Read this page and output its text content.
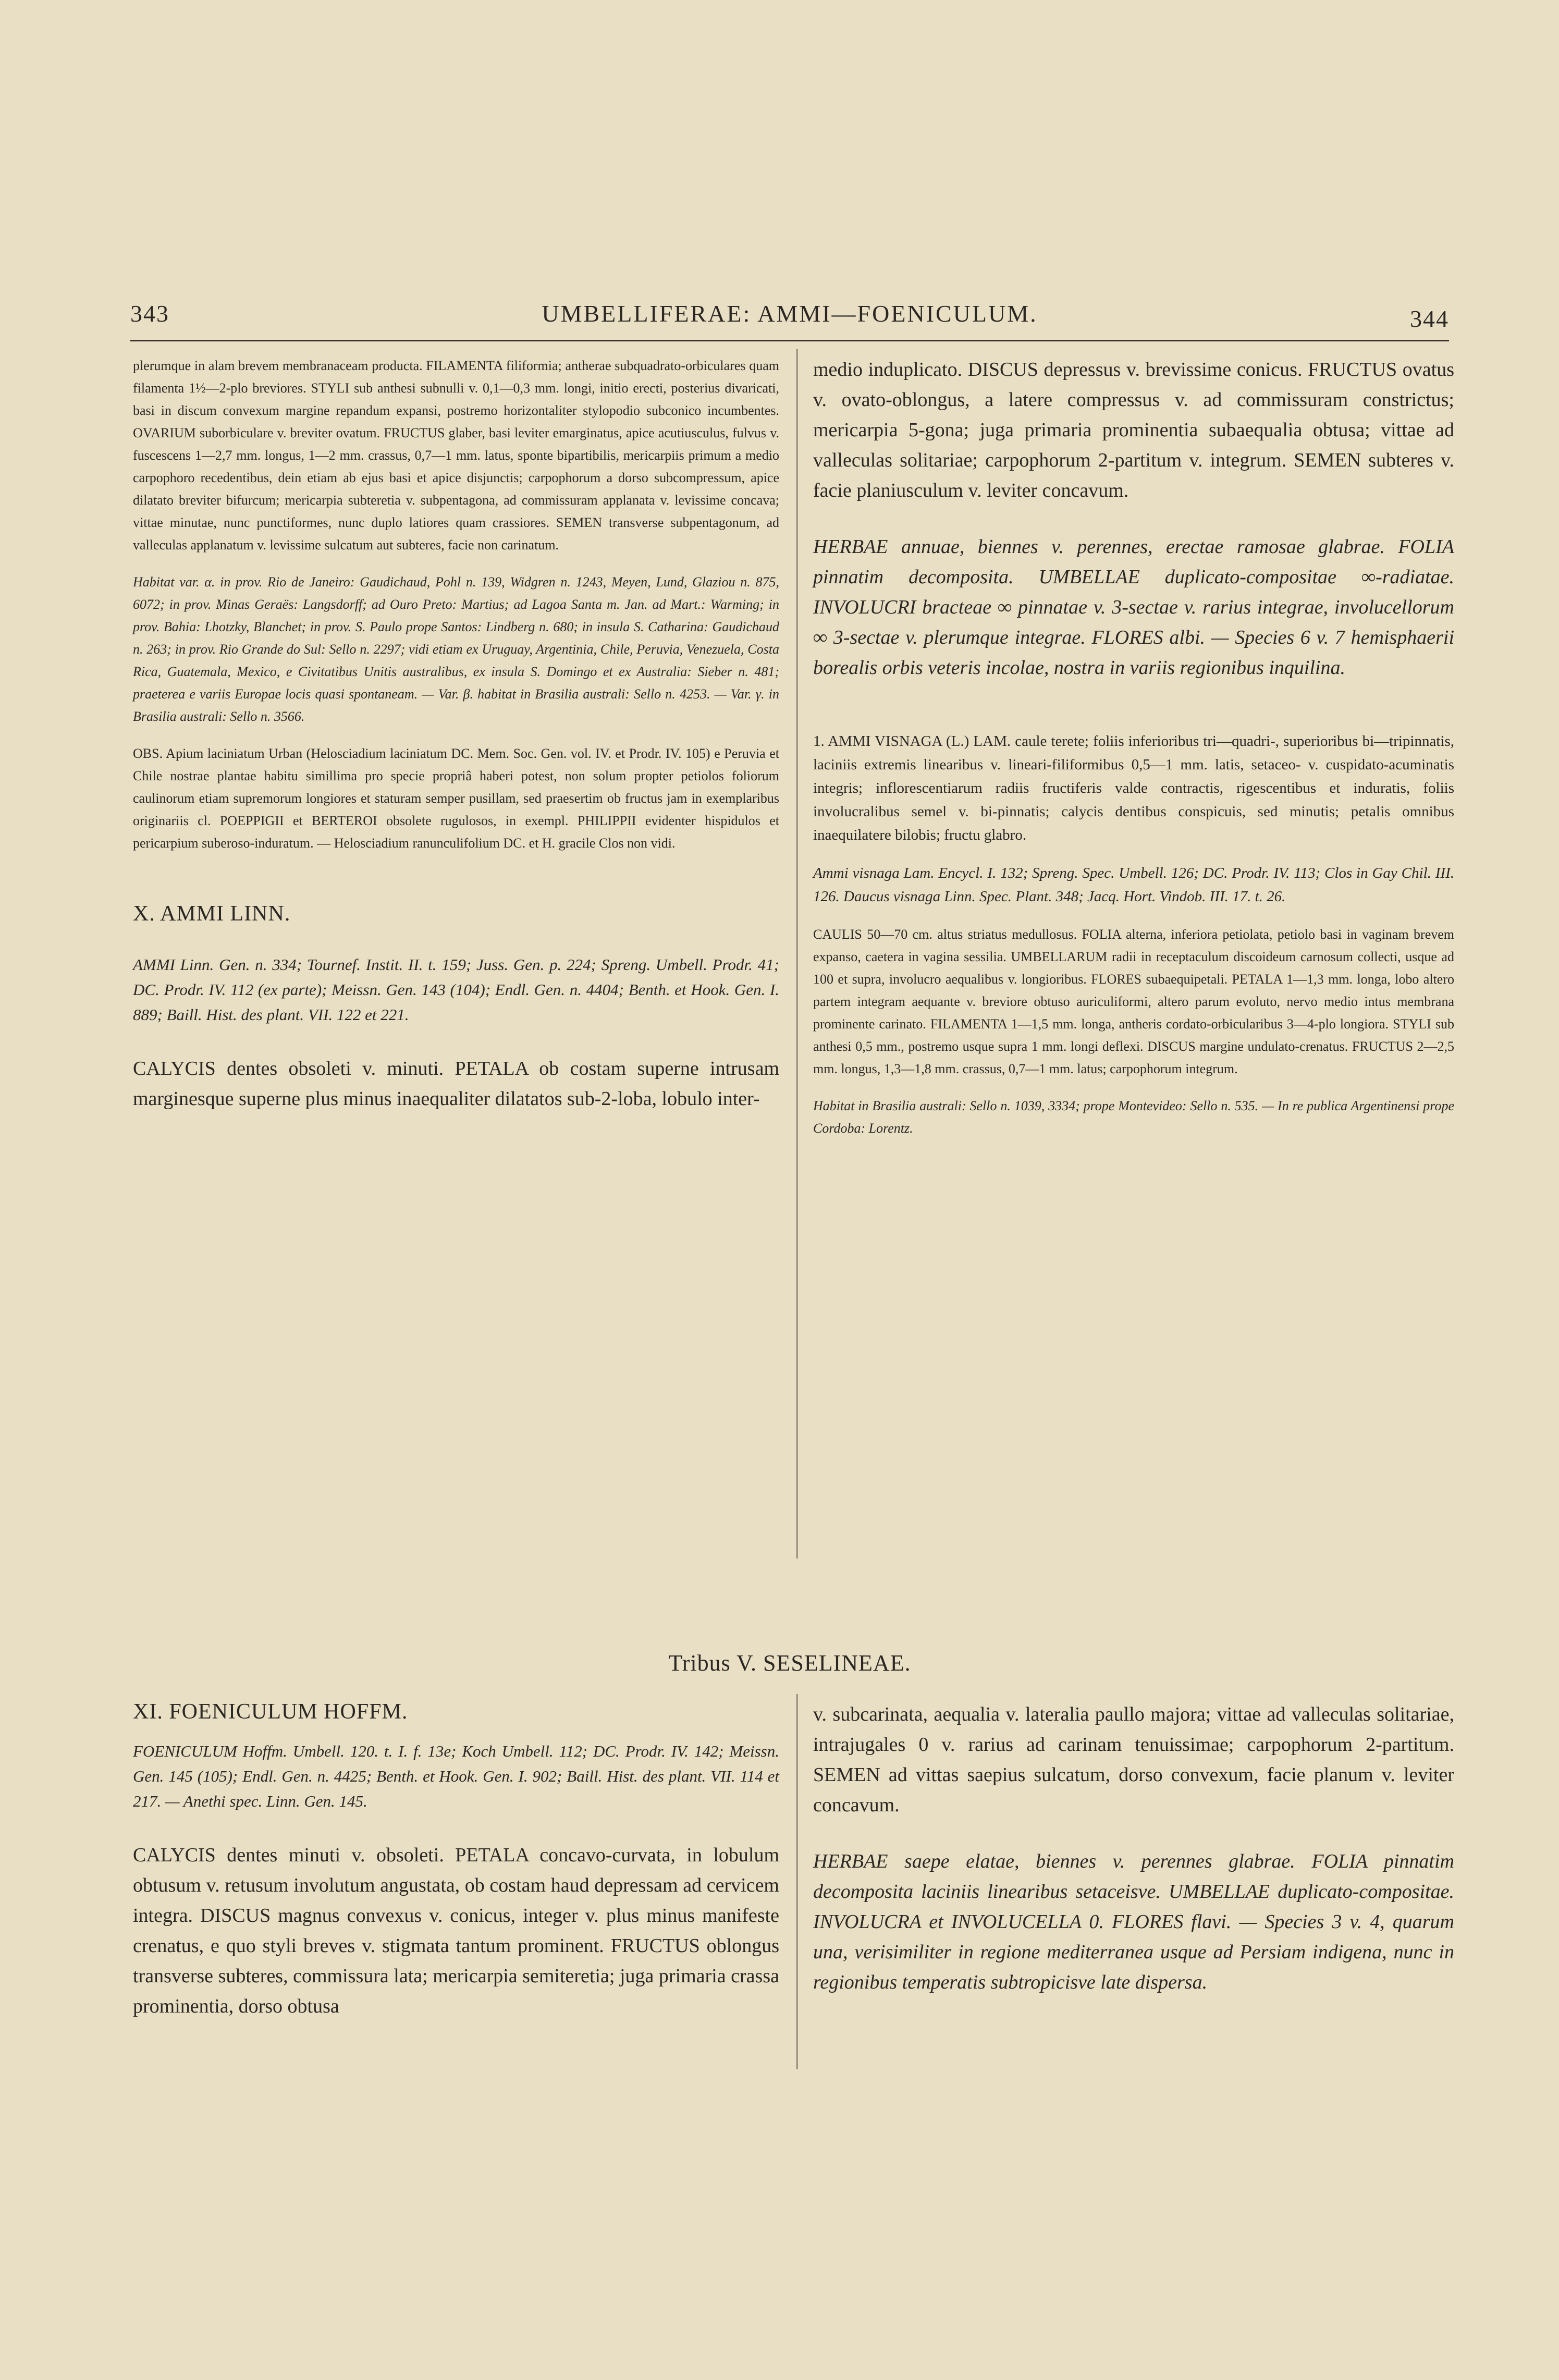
343	UMBELLIFERAE: AMMI—FOENICULUM.	344

plerumque in alam brevem membranaceam producta. FILAMENTA filiformia; antherae subquadrato-orbiculares quam filamenta 1½—2-plo breviores. STYLI sub anthesi subnulli v. 0,1—0,3 mm. longi, initio erecti, posterius divaricati, basi in discum convexum margine repandum expansi, postremo horizontaliter stylopodio subconico incumbentes. OVARIUM suborbiculare v. breviter ovatum. FRUCTUS glaber, basi leviter emarginatus, apice acutiusculus, fulvus v. fuscescens 1—2,7 mm. longus, 1—2 mm. crassus, 0,7—1 mm. latus, sponte bipartibilis, mericarpiis primum a medio carpophoro recedentibus, dein etiam ab ejus basi et apice disjunctis; carpophorum a dorso subcompressum, apice dilatato breviter bifurcum; mericarpia subteretia v. subpentagona, ad commissuram applanata v. levissime concava; vittae minutae, nunc punctiformes, nunc duplo latiores quam crassiores. SEMEN transverse subpentagonum, ad valleculas applanatum v. levissime sulcatum aut subteres, facie non carinatum.

Habitat var. α. in prov. Rio de Janeiro: Gaudichaud, Pohl n. 139, Widgren n. 1243, Meyen, Lund, Glaziou n. 875, 6072; in prov. Minas Geraës: Langsdorff; ad Ouro Preto: Martius; ad Lagoa Santa m. Jan. ad Mart.: Warming; in prov. Bahia: Lhotzky, Blanchet; in prov. S. Paulo prope Santos: Lindberg n. 680; in insula S. Catharina: Gaudichaud n. 263; in prov. Rio Grande do Sul: Sello n. 2297; vidi etiam ex Uruguay, Argentinia, Chile, Peruvia, Venezuela, Costa Rica, Guatemala, Mexico, e Civitatibus Unitis australibus, ex insula S. Domingo et ex Australia: Sieber n. 481; praeterea e variis Europae locis quasi spontaneam. — Var. β. habitat in Brasilia australi: Sello n. 4253. — Var. γ. in Brasilia australi: Sello n. 3566.

OBS. Apium laciniatum Urban (Helosciadium laciniatum DC. Mem. Soc. Gen. vol. IV. et Prodr. IV. 105) e Peruvia et Chile nostrae plantae habitu simillima pro specie propriâ haberi potest, non solum propter petiolos foliorum caulinorum etiam supremorum longiores et staturam semper pusillam, sed praesertim ob fructus jam in exemplaribus originariis cl. POEPPIGII et BERTEROI obsolete rugulosos, in exempl. PHILIPPII evidenter hispidulos et pericarpium suberoso-induratum. — Helosciadium ranunculifolium DC. et H. gracile Clos non vidi.

X. AMMI LINN.

AMMI Linn. Gen. n. 334; Tournef. Instit. II. t. 159; Juss. Gen. p. 224; Spreng. Umbell. Prodr. 41; DC. Prodr. IV. 112 (ex parte); Meissn. Gen. 143 (104); Endl. Gen. n. 4404; Benth. et Hook. Gen. I. 889; Baill. Hist. des plant. VII. 122 et 221.

CALYCIS dentes obsoleti v. minuti. PETALA ob costam superne intrusam marginesque superne plus minus inaequaliter dilatatos sub-2-loba, lobulo inter-

medio induplicato. DISCUS depressus v. brevissime conicus. FRUCTUS ovatus v. ovato-oblongus, a latere compressus v. ad commissuram constrictus; mericarpia 5-gona; juga primaria prominentia subaequalia obtusa; vittae ad valleculas solitariae; carpophorum 2-partitum v. integrum. SEMEN subteres v. facie planiusculum v. leviter concavum.

HERBAE annuae, biennes v. perennes, erectae ramosae glabrae. FOLIA pinnatim decomposita. UMBELLAE duplicato-compositae ∞-radiatae. INVOLUCRI bracteae ∞ pinnatae v. 3-sectae v. rarius integrae, involucellorum ∞ 3-sectae v. plerumque integrae. FLORES albi. — Species 6 v. 7 hemisphaerii borealis orbis veteris incolae, nostra in variis regionibus inquilina.

1. AMMI VISNAGA (L.) LAM. caule terete; foliis inferioribus tri—quadri-, superioribus bi—tripinnatis, laciniis extremis linearibus v. lineari-filiformibus 0,5—1 mm. latis, setaceo- v. cuspidato-acuminatis integris; inflorescentiarum radiis fructiferis valde contractis, rigescentibus et induratis, foliis involucralibus semel v. bi-pinnatis; calycis dentibus conspicuis, sed minutis; petalis omnibus inaequilatere bilobis; fructu glabro.

Ammi visnaga Lam. Encycl. I. 132; Spreng. Spec. Umbell. 126; DC. Prodr. IV. 113; Clos in Gay Chil. III. 126. Daucus visnaga Linn. Spec. Plant. 348; Jacq. Hort. Vindob. III. 17. t. 26.

CAULIS 50—70 cm. altus striatus medullosus. FOLIA alterna, inferiora petiolata, petiolo basi in vaginam brevem expanso, caetera in vagina sessilia. UMBELLARUM radii in receptaculum discoideum carnosum collecti, usque ad 100 et supra, involucro aequalibus v. longioribus. FLORES subaequipetali. PETALA 1—1,3 mm. longa, lobo altero partem integram aequante v. breviore obtuso auriculiformi, altero parum evoluto, nervo medio intus membrana prominente carinato. FILAMENTA 1—1,5 mm. longa, antheris cordato-orbicularibus 3—4-plo longiora. STYLI sub anthesi 0,5 mm., postremo usque supra 1 mm. longi deflexi. DISCUS margine undulato-crenatus. FRUCTUS 2—2,5 mm. longus, 1,3—1,8 mm. crassus, 0,7—1 mm. latus; carpophorum integrum.

Habitat in Brasilia australi: Sello n. 1039, 3334; prope Montevideo: Sello n. 535. — In re publica Argentinensi prope Cordoba: Lorentz.

Tribus V. SESELINEAE.

XI. FOENICULUM HOFFM.

FOENICULUM Hoffm. Umbell. 120. t. I. f. 13e; Koch Umbell. 112; DC. Prodr. IV. 142; Meissn. Gen. 145 (105); Endl. Gen. n. 4425; Benth. et Hook. Gen. I. 902; Baill. Hist. des plant. VII. 114 et 217. — Anethi spec. Linn. Gen. 145.

CALYCIS dentes minuti v. obsoleti. PETALA concavo-curvata, in lobulum obtusum v. retusum involutum angustata, ob costam haud depressam ad cervicem integra. DISCUS magnus convexus v. conicus, integer v. plus minus manifeste crenatus, e quo styli breves v. stigmata tantum prominent. FRUCTUS oblongus transverse subteres, commissura lata; mericarpia semiteretia; juga primaria crassa prominentia, dorso obtusa

v. subcarinata, aequalia v. lateralia paullo majora; vittae ad valleculas solitariae, intrajugales 0 v. rarius ad carinam tenuissimae; carpophorum 2-partitum. SEMEN ad vittas saepius sulcatum, dorso convexum, facie planum v. leviter concavum.

HERBAE saepe elatae, biennes v. perennes glabrae. FOLIA pinnatim decomposita laciniis linearibus setaceisve. UMBELLAE duplicato-compositae. INVOLUCRA et INVOLUCELLA 0. FLORES flavi. — Species 3 v. 4, quarum una, verisimiliter in regione mediterranea usque ad Persiam indigena, nunc in regionibus temperatis subtropicisve late dispersa.
